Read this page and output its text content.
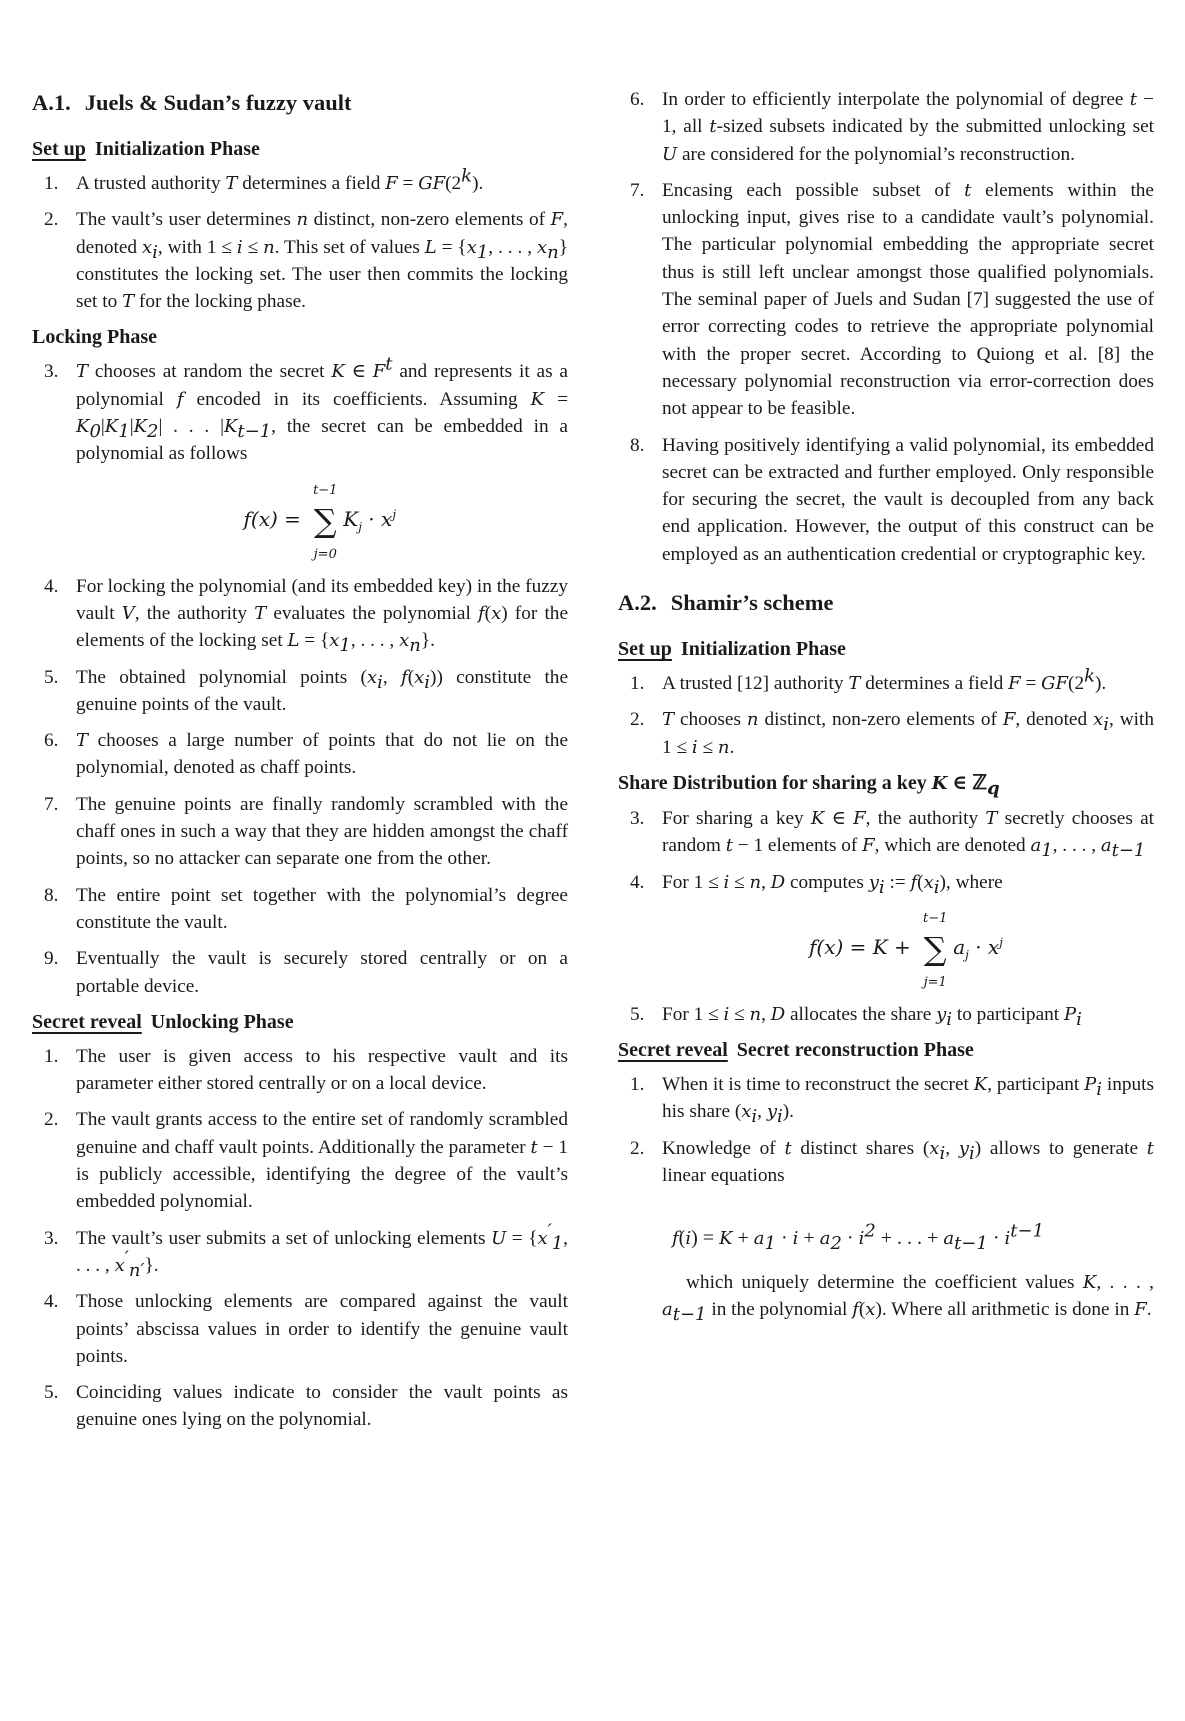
A.1. Juels & Sudan’s fuzzy vault
Set up Initialization Phase
1. A trusted authority T determines a field $F = GF(2^k)$.
2. The vault’s user determines n distinct, non-zero elements of F, denoted $x_i$, with 1 ≤ i ≤ n. This set of values $L = \{x_1$, . . . , $x_n$} constitutes the locking set. The user then commits the locking set to T for the locking phase.
Locking Phase
3. T chooses at random the secret K ∈ $F^t$ and represents it as a polynomial f encoded in its coefficients. Assuming $K = K_0|K_1|K_2|$ . . . $|K_{t-1}$, the secret can be embedded in a polynomial as follows
f(x) =
t−1
∑
j=0
$K_j \cdot x^j$
4. For locking the polynomial (and its embedded key) in the fuzzy vault V, the authority T evaluates the polynomial f(x) for the elements of the locking set $L = \{x_1$, . . . , $x_n$}.
5. The obtained polynomial points ($x_i$, $f(x_i)$) constitute the genuine points of the vault.
6. T chooses a large number of points that do not lie on the polynomial, denoted as chaff points.
7. The genuine points are finally randomly scrambled with the chaff ones in such a way that they are hidden amongst the chaff points, so no attacker can separate one from the other.
8. The entire point set together with the polynomial’s degree constitute the vault.
9. Eventually the vault is securely stored centrally or on a portable device.
Secret reveal Unlocking Phase
1. The user is given access to his respective vault and its parameter either stored centrally or on a local device.
2. The vault grants access to the entire set of randomly scrambled genuine and chaff vault points. Additionally the parameter t − 1 is publicly accessible, identifying the degree of the vault’s embedded polynomial.
3. The vault’s user submits a set of unlocking elements $U = \{x'_1$, . . . , $x'_{n'}$}.
4. Those unlocking elements are compared against the vault points’ abscissa values in order to identify the genuine vault points.
5. Coinciding values indicate to consider the vault points as genuine ones lying on the polynomial.
6. In order to efficiently interpolate the polynomial of degree t − 1, all t-sized subsets indicated by the submitted unlocking set U are considered for the polynomial’s reconstruction.
7. Encasing each possible subset of t elements within the unlocking input, gives rise to a candidate vault’s polynomial. The particular polynomial embedding the appropriate secret thus is still left unclear amongst those qualified polynomials. The seminal paper of Juels and Sudan [7] suggested the use of error correcting codes to retrieve the appropriate polynomial with the proper secret. According to Quiong et al. [8] the necessary polynomial reconstruction via error-correction does not appear to be feasible.
8. Having positively identifying a valid polynomial, its embedded secret can be extracted and further employed. Only responsible for securing the secret, the vault is decoupled from any back end application. However, the output of this construct can be employed as an authentication credential or cryptographic key.
A.2. Shamir’s scheme
Set up Initialization Phase
1. A trusted [12] authority T determines a field $F = GF(2^k)$.
2. T chooses n distinct, non-zero elements of F, denoted $x_i$, with 1 ≤ i ≤ n.
Share Distribution for sharing a key K ∈ ℤ$_q$
3. For sharing a key K ∈ F, the authority T secretly chooses at random t − 1 elements of F, which are denoted $a_1$, . . . , $a_{t-1}$
4. For 1 ≤ i ≤ n, D computes $y_i$ := $f(x_i)$, where
f(x) = K +
t−1
∑
j=1
$a_j \cdot x^j$
5. For 1 ≤ i ≤ n, D allocates the share $y_i$ to participant $P_i$
Secret reveal Secret reconstruction Phase
1. When it is time to reconstruct the secret K, participant $P_i$ inputs his share ($x_i$, $y_i$).
2. Knowledge of t distinct shares ($x_i$, $y_i$) allows to generate t linear equations
$f(i) = K + a_1 \cdot i + a_2 \cdot i^2$ + . . . + $a_{t-1} \cdot i^{t-1}$
which uniquely determine the coefficient values K, . . . , $a_{t-1}$ in the polynomial f(x). Where all arithmetic is done in F.
